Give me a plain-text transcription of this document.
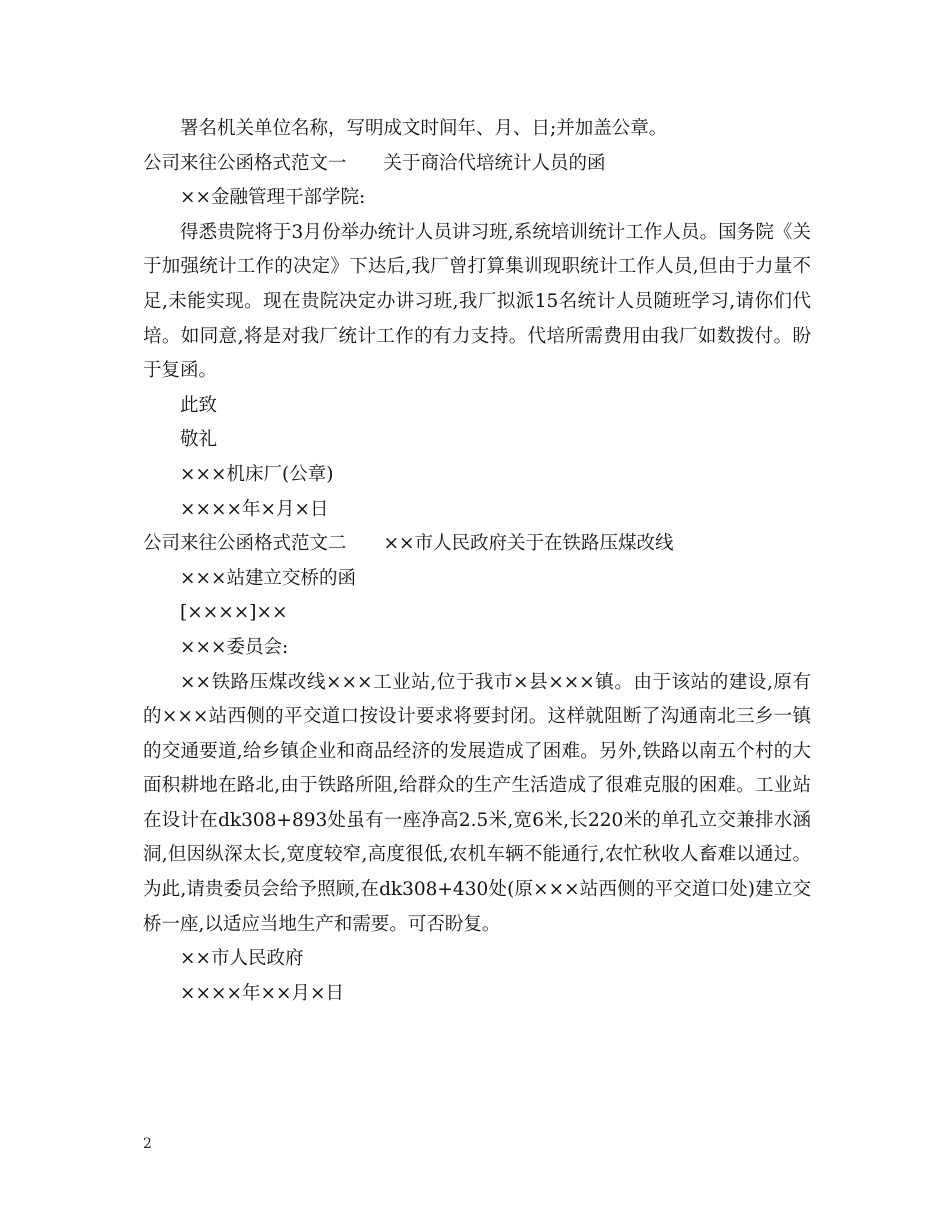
署名机关单位名称，写明成文时间年、月、日;并加盖公章。
公司来往公函格式范文一 关于商洽代培统计人员的函
××金融管理干部学院:
得悉贵院将于3月份举办统计人员讲习班,系统培训统计工作人员。国务院《关于加强统计工作的决定》下达后,我厂曾打算集训现职统计工作人员,但由于力量不足,未能实现。现在贵院决定办讲习班,我厂拟派15名统计人员随班学习,请你们代培。如同意,将是对我厂统计工作的有力支持。代培所需费用由我厂如数拨付。盼于复函。
此致
敬礼
×××机床厂(公章)
××××年×月×日
公司来往公函格式范文二 ××市人民政府关于在铁路压煤改线
×××站建立交桥的函
[××××]××
×××委员会:
××铁路压煤改线×××工业站,位于我市×县×××镇。由于该站的建设,原有的×××站西侧的平交道口按设计要求将要封闭。这样就阻断了沟通南北三乡一镇的交通要道,给乡镇企业和商品经济的发展造成了困难。另外,铁路以南五个村的大面积耕地在路北,由于铁路所阻,给群众的生产生活造成了很难克服的困难。工业站在设计在dk308+893处虽有一座净高2.5米,宽6米,长220米的单孔立交兼排水涵洞,但因纵深太长,宽度较窄,高度很低,农机车辆不能通行,农忙秋收人畜难以通过。为此,请贵委员会给予照顾,在dk308+430处(原×××站西侧的平交道口处)建立交桥一座,以适应当地生产和需要。可否盼复。
××市人民政府
××××年××月×日
2
